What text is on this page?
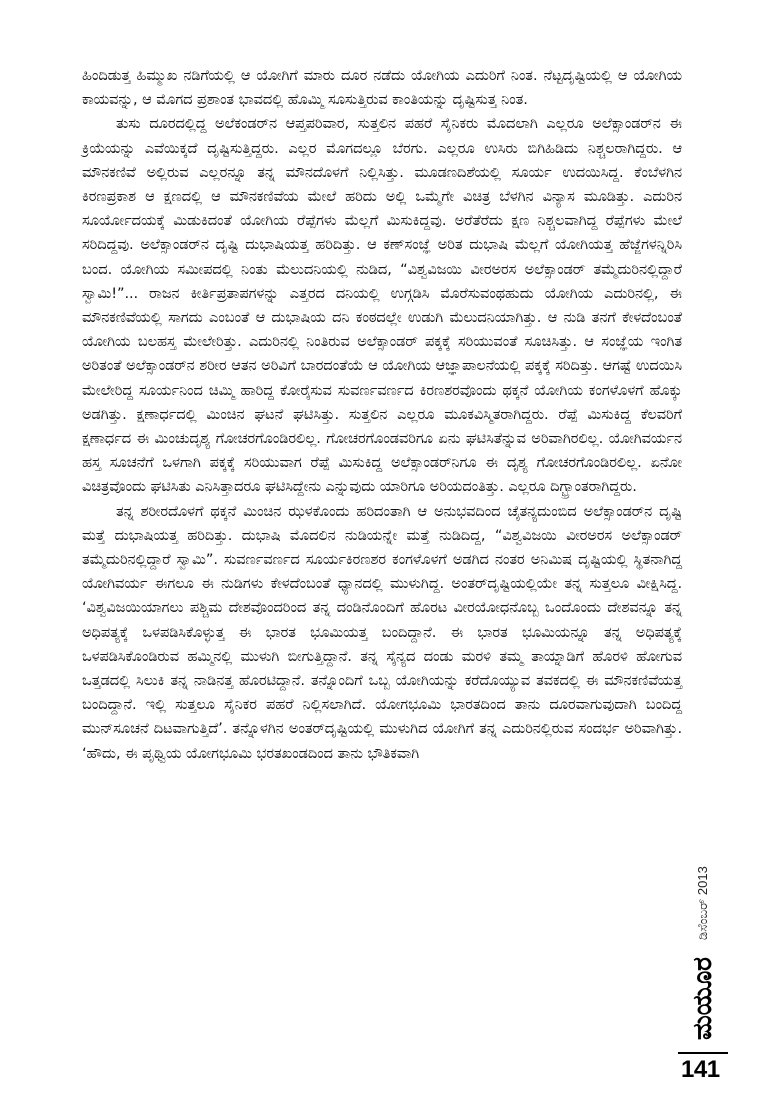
ಹಿಂದಿಡುತ್ತ ಹಿಮ್ಮುಖ ನಡಿಗೆಯಲ್ಲಿ ಆ ಯೋಗಿಗೆ ಮಾರು ದೂರ ನಡೆದು ಯೋಗಿಯ ಎದುರಿಗೆ ನಿಂತ. ನೆಟ್ಟದೃಷ್ಟಿಯಲ್ಲಿ ಆ ಯೋಗಿಯ ಕಾಯವನ್ನು, ಆ ಮೊಗದ ಪ್ರಶಾಂತ ಭಾವದಲ್ಲಿ ಹೊಮ್ಮಿ ಸೂಸುತ್ತಿರುವ ಕಾಂತಿಯನ್ನು ದೃಷ್ಟಿಸುತ್ತ ನಿಂತ.

ತುಸು ದೂರದಲ್ಲಿದ್ದ ಅಲೆಕಂಡರ್‌ನ ಆಪ್ತಪರಿವಾರ, ಸುತ್ತಲಿನ ಪಹರೆ ಸೈನಿಕರು ಮೊದಲಾಗಿ ಎಲ್ಲರೂ ಅಲೆಕ್ಸಾಂಡರ್‌ನ ಈ ಕ್ರಿಯೆಯನ್ನು ಎವೆಯಿಕ್ಕದೆ ದೃಷ್ಟಿಸುತ್ತಿದ್ದರು. ಎಲ್ಲರ ಮೊಗದಲ್ಲೂ ಬೆರಗು. ಎಲ್ಲರೂ ಉಸಿರು ಬಿಗಿಹಿಡಿದು ನಿಶ್ಚಲರಾಗಿದ್ದರು. ಆ ಮೌನಕಣಿವೆ ಅಲ್ಲಿರುವ ಎಲ್ಲರನ್ನೂ ತನ್ನ ಮೌನದೊಳಗೆ ನಿಲ್ಲಿಸಿತ್ತು. ಮೂಡಣದಿಶೆಯಲ್ಲಿ ಸೂರ್ಯ ಉದಯಿಸಿದ್ದ. ಕೆಂಬೆಳಗಿನ ಕಿರಣಪ್ರಕಾಶ ಆ ಕ್ಷಣದಲ್ಲಿ ಆ ಮೌನಕಣಿವೆಯ ಮೇಲೆ ಹರಿದು ಅಲ್ಲಿ ಒಮ್ಮೆಗೇ ವಿಚಿತ್ರ ಬೆಳಗಿನ ವಿನ್ಯಾಸ ಮೂಡಿತ್ತು. ಎದುರಿನ ಸೂರ್ಯೋದಯಕ್ಕೆ ಮಿಡುಕಿದಂತೆ ಯೋಗಿಯ ರೆಪ್ಪೆಗಳು ಮೆಲ್ಲಗೆ ಮಿಸುಕಿದ್ದವು. ಅರೆತೆರೆದು ಕ್ಷಣ ನಿಶ್ಚಲವಾಗಿದ್ದ ರೆಪ್ಪೆಗಳು ಮೇಲೆ ಸರಿದಿದ್ದವು. ಅಲೆಕ್ಸಾಂಡರ್‌ನ ದೃಷ್ಟಿ ದುಭಾಷಿಯತ್ತ ಹರಿದಿತ್ತು. ಆ ಕಣ್‌ಸಂಜ್ಞೆ ಅರಿತ ದುಭಾಷಿ ಮೆಲ್ಲಗೆ ಯೋಗಿಯತ್ತ ಹೆಜ್ಜೆಗಳನ್ನಿರಿಸಿ ಬಂದ. ಯೋಗಿಯ ಸಮೀಪದಲ್ಲಿ ನಿಂತು ಮೆಲುದನಿಯಲ್ಲಿ ನುಡಿದ, “ವಿಶ್ವವಿಜಯಿ ವೀರಅರಸ ಅಲೆಕ್ಸಾಂಡರ್ ತಮ್ಮೆದುರಿನಲ್ಲಿದ್ದಾರೆ ಸ್ವಾಮಿ!”... ರಾಜನ ಕೀರ್ತಿಪ್ರತಾಪಗಳನ್ನು ಎತ್ತರದ ದನಿಯಲ್ಲಿ ಉಗ್ಗಡಿಸಿ ಮೊರೆಸುವಂಥಹುದು ಯೋಗಿಯ ಎದುರಿನಲ್ಲಿ, ಈ ಮೌನಕಣಿವೆಯಲ್ಲಿ ಸಾಗದು ಎಂಬಂತೆ ಆ ದುಭಾಷಿಯ ದನಿ ಕಂಠದಲ್ಲೇ ಉಡುಗಿ ಮೆಲುದನಿಯಾಗಿತ್ತು. ಆ ನುಡಿ ತನಗೆ ಕೇಳದೆಂಬಂತೆ ಯೋಗಿಯ ಬಲಹಸ್ತ ಮೇಲೇರಿತ್ತು. ಎದುರಿನಲ್ಲಿ ನಿಂತಿರುವ ಅಲೆಕ್ಸಾಂಡರ್ ಪಕ್ಕಕ್ಕೆ ಸರಿಯುವಂತೆ ಸೂಚಿಸಿತ್ತು. ಆ ಸಂಜ್ಞೆಯ ಇಂಗಿತ ಅರಿತಂತೆ ಅಲೆಕ್ಸಾಂಡರ್‌ನ ಶರೀರ ಆತನ ಅರಿವಿಗೆ ಬಾರದಂತೆಯೆ ಆ ಯೋಗಿಯ ಆಜ್ಞಾಪಾಲನೆಯಲ್ಲಿ ಪಕ್ಕಕ್ಕೆ ಸರಿದಿತ್ತು. ಆಗಷ್ಟೆ ಉದಯಿಸಿ ಮೇಲೇರಿದ್ದ ಸೂರ್ಯನಿಂದ ಚಿಮ್ಮಿ ಹಾರಿದ್ದ ಕೋರೈಸುವ ಸುವರ್ಣವರ್ಣದ ಕಿರಣಶರವೊಂದು ಥಕ್ಕನೆ ಯೋಗಿಯ ಕಂಗಳೊಳಗೆ ಹೊಕ್ಕು ಅಡಗಿತ್ತು. ಕ್ಷಣಾರ್ಧದಲ್ಲಿ ಮಿಂಚಿನ ಘಟನೆ ಘಟಿಸಿತ್ತು. ಸುತ್ತಲಿನ ಎಲ್ಲರೂ ಮೂಕವಿಸ್ಮಿತರಾಗಿದ್ದರು. ರೆಪ್ಪೆ ಮಿಸುಕಿದ್ದ ಕೆಲವರಿಗೆ ಕ್ಷಣಾರ್ಧದ ಈ ಮಿಂಚುದೃಶ್ಯ ಗೋಚರಗೊಂಡಿರಲಿಲ್ಲ. ಗೋಚರಗೊಂಡವರಿಗೂ ಏನು ಘಟಿಸಿತೆನ್ನುವ ಅರಿವಾಗಿರಲಿಲ್ಲ. ಯೋಗಿವರ್ಯನ ಹಸ್ತ ಸೂಚನೆಗೆ ಒಳಗಾಗಿ ಪಕ್ಕಕ್ಕೆ ಸರಿಯುವಾಗ ರೆಪ್ಪೆ ಮಿಸುಕಿದ್ದ ಅಲೆಕ್ಸಾಂಡರ್‌ನಿಗೂ ಈ ದೃಶ್ಯ ಗೋಚರಗೊಂಡಿರಲಿಲ್ಲ. ಏನೋ ವಿಚಿತ್ರವೊಂದು ಘಟಿಸಿತು ಎನಿಸಿತ್ತಾದರೂ ಘಟಿಸಿದ್ದೇನು ಎನ್ನುವುದು ಯಾರಿಗೂ ಅರಿಯದಂತಿತ್ತು. ಎಲ್ಲರೂ ದಿಗ್ಭ್ರಾಂತರಾಗಿದ್ದರು.

ತನ್ನ ಶರೀರದೊಳಗೆ ಥಕ್ಕನೆ ಮಿಂಚಿನ ಝಳಕೊಂದು ಹರಿದಂತಾಗಿ ಆ ಅನುಭವದಿಂದ ಚೈತನ್ಯದುಂಬಿದ ಅಲೆಕ್ಸಾಂಡರ್‌ನ ದೃಷ್ಟಿ ಮತ್ತೆ ದುಭಾಷಿಯತ್ತ ಹರಿದಿತ್ತು. ದುಭಾಷಿ ಮೊದಲಿನ ನುಡಿಯನ್ನೇ ಮತ್ತೆ ನುಡಿದಿದ್ದ, “ವಿಶ್ವವಿಜಯಿ ವೀರಅರಸ ಅಲೆಕ್ಸಾಂಡರ್ ತಮ್ಮೆದುರಿನಲ್ಲಿದ್ದಾರೆ ಸ್ವಾಮಿ”. ಸುವರ್ಣವರ್ಣದ ಸೂರ್ಯಕಿರಣಶರ ಕಂಗಳೊಳಗೆ ಅಡಗಿದ ನಂತರ ಅನಿಮಿಷ ದೃಷ್ಟಿಯಲ್ಲಿ ಸ್ಥಿತನಾಗಿದ್ದ ಯೋಗಿವರ್ಯ ಈಗಲೂ ಈ ನುಡಿಗಳು ಕೇಳದೆಂಬಂತೆ ಧ್ಯಾನದಲ್ಲಿ ಮುಳುಗಿದ್ದ. ಅಂತರ್‌ದೃಷ್ಟಿಯಲ್ಲಿಯೇ ತನ್ನ ಸುತ್ತಲೂ ವೀಕ್ಷಿಸಿದ್ದ. ‘ವಿಶ್ವವಿಜಯಿಯಾಗಲು ಪಶ್ಚಿಮ ದೇಶವೊಂದರಿಂದ ತನ್ನ ದಂಡಿನೊಂದಿಗೆ ಹೊರಟ ವೀರಯೋಧನೊಬ್ಬ ಒಂದೊಂದು ದೇಶವನ್ನೂ ತನ್ನ ಅಧಿಪತ್ಯಕ್ಕೆ ಒಳಪಡಿಸಿಕೊಳ್ಳುತ್ತ ಈ ಭಾರತ ಭೂಮಿಯತ್ತ ಬಂದಿದ್ದಾನೆ. ಈ ಭಾರತ ಭೂಮಿಯನ್ನೂ ತನ್ನ ಅಧಿಪತ್ಯಕ್ಕೆ ಒಳಪಡಿಸಿಕೊಂಡಿರುವ ಹಮ್ಮಿನಲ್ಲಿ ಮುಳುಗಿ ಬೀಗುತ್ತಿದ್ದಾನೆ. ತನ್ನ ಸೈನ್ಯದ ದಂಡು ಮರಳಿ ತಮ್ಮ ತಾಯ್ನಾಡಿಗೆ ಹೊರಳಿ ಹೋಗುವ ಒತ್ತಡದಲ್ಲಿ ಸಿಲುಕಿ ತನ್ನ ನಾಡಿನತ್ತ ಹೊರಟಿದ್ದಾನೆ. ತನ್ನೊಂದಿಗೆ ಒಬ್ಬ ಯೋಗಿಯನ್ನು ಕರೆದೊಯ್ಯುವ ತವಕದಲ್ಲಿ ಈ ಮೌನಕಣಿವೆಯತ್ತ ಬಂದಿದ್ದಾನೆ. ಇಲ್ಲಿ ಸುತ್ತಲೂ ಸೈನಿಕರ ಪಹರೆ ನಿಲ್ಲಿಸಲಾಗಿದೆ. ಯೋಗಭೂಮಿ ಭಾರತದಿಂದ ತಾನು ದೂರವಾಗುವುದಾಗಿ ಬಂದಿದ್ದ ಮುನ್‌ಸೂಚನೆ ದಿಟವಾಗುತ್ತಿದೆ’. ತನ್ನೊಳಗಿನ ಅಂತರ್‌ದೃಷ್ಟಿಯಲ್ಲಿ ಮುಳುಗಿದ ಯೋಗಿಗೆ ತನ್ನ ಎದುರಿನಲ್ಲಿರುವ ಸಂದರ್ಭ ಅರಿವಾಗಿತ್ತು. ‘ಹೌದು, ಈ ಪೃಥ್ವಿಯ ಯೋಗಭೂಮಿ ಭರತಖಂಡದಿಂದ ತಾನು ಭೌತಿಕವಾಗಿ

ಡಿಸೆಂಬರ್ 2013
ಮಯೂರ
141
